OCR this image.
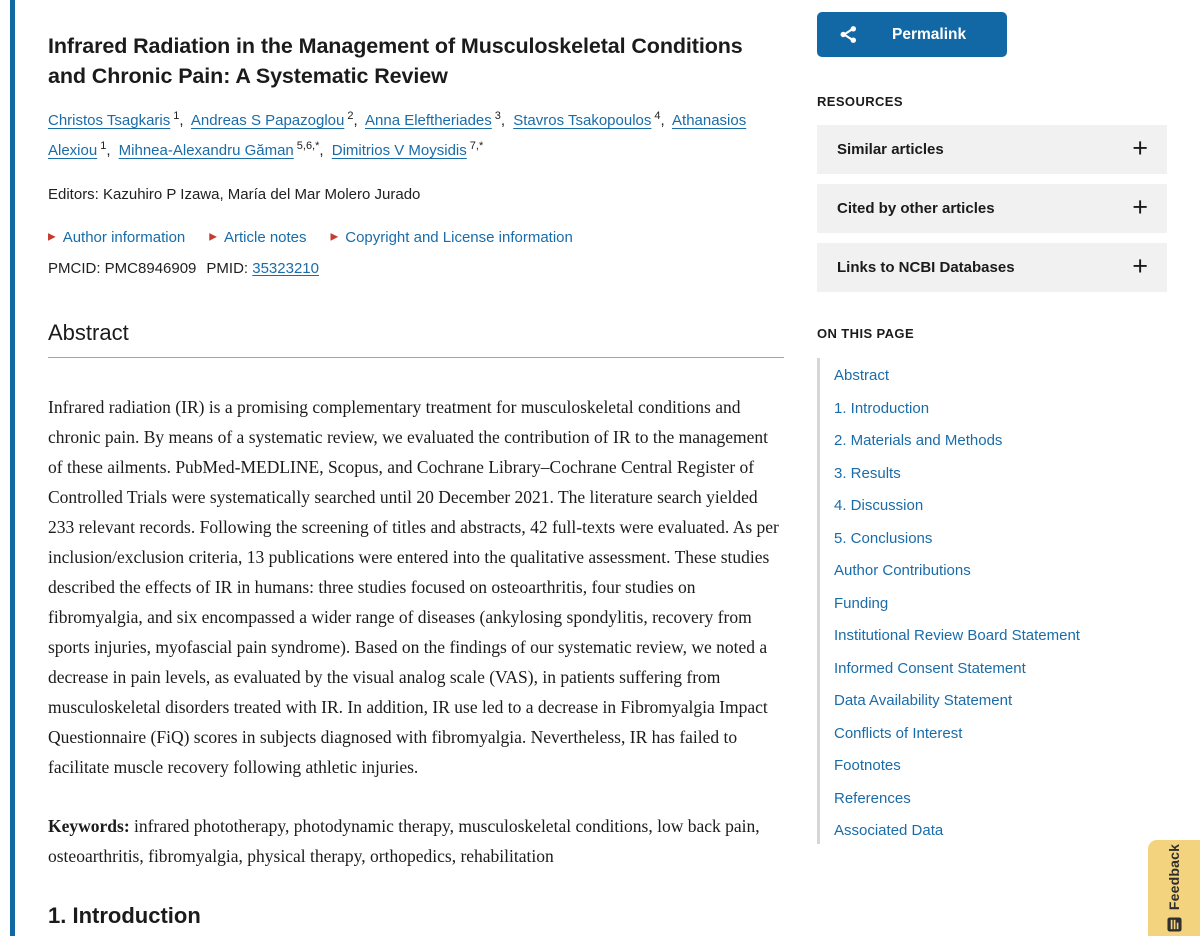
Infrared Radiation in the Management of Musculoskeletal Conditions and Chronic Pain: A Systematic Review

Christos Tsagkaris $^1$, Andreas S Papazoglou $^2$, Anna Eleftheriades $^3$, Stavros Tsakopoulos $^4$, Athanasios Alexiou $^1$, Mihnea-Alexandru Găman $^{5,6,*}$, Dimitrios V Moysidis $^{7,*}$

Editors: Kazuhiro P Izawa, María del Mar Molero Jurado

▶ Author information ▶ Article notes ▶ Copyright and License information

PMCID: PMC8946909 PMID: 35323210

Abstract

Infrared radiation (IR) is a promising complementary treatment for musculoskeletal conditions and chronic pain. By means of a systematic review, we evaluated the contribution of IR to the management of these ailments. PubMed-MEDLINE, Scopus, and Cochrane Library–Cochrane Central Register of Controlled Trials were systematically searched until 20 December 2021. The literature search yielded 233 relevant records. Following the screening of titles and abstracts, 42 full-texts were evaluated. As per inclusion/exclusion criteria, 13 publications were entered into the qualitative assessment. These studies described the effects of IR in humans: three studies focused on osteoarthritis, four studies on fibromyalgia, and six encompassed a wider range of diseases (ankylosing spondylitis, recovery from sports injuries, myofascial pain syndrome). Based on the findings of our systematic review, we noted a decrease in pain levels, as evaluated by the visual analog scale (VAS), in patients suffering from musculoskeletal disorders treated with IR. In addition, IR use led to a decrease in Fibromyalgia Impact Questionnaire (FiQ) scores in subjects diagnosed with fibromyalgia. Nevertheless, IR has failed to facilitate muscle recovery following athletic injuries.

Keywords: infrared phototherapy, photodynamic therapy, musculoskeletal conditions, low back pain, osteoarthritis, fibromyalgia, physical therapy, orthopedics, rehabilitation

1. Introduction
Permalink
RESOURCES
Similar articles	+
Cited by other articles	+
Links to NCBI Databases	+
ON THIS PAGE
Abstract
1. Introduction
2. Materials and Methods
3. Results
4. Discussion
5. Conclusions
Author Contributions
Funding
Institutional Review Board Statement
Informed Consent Statement
Data Availability Statement
Conflicts of Interest
Footnotes
References
Associated Data
Feedback
